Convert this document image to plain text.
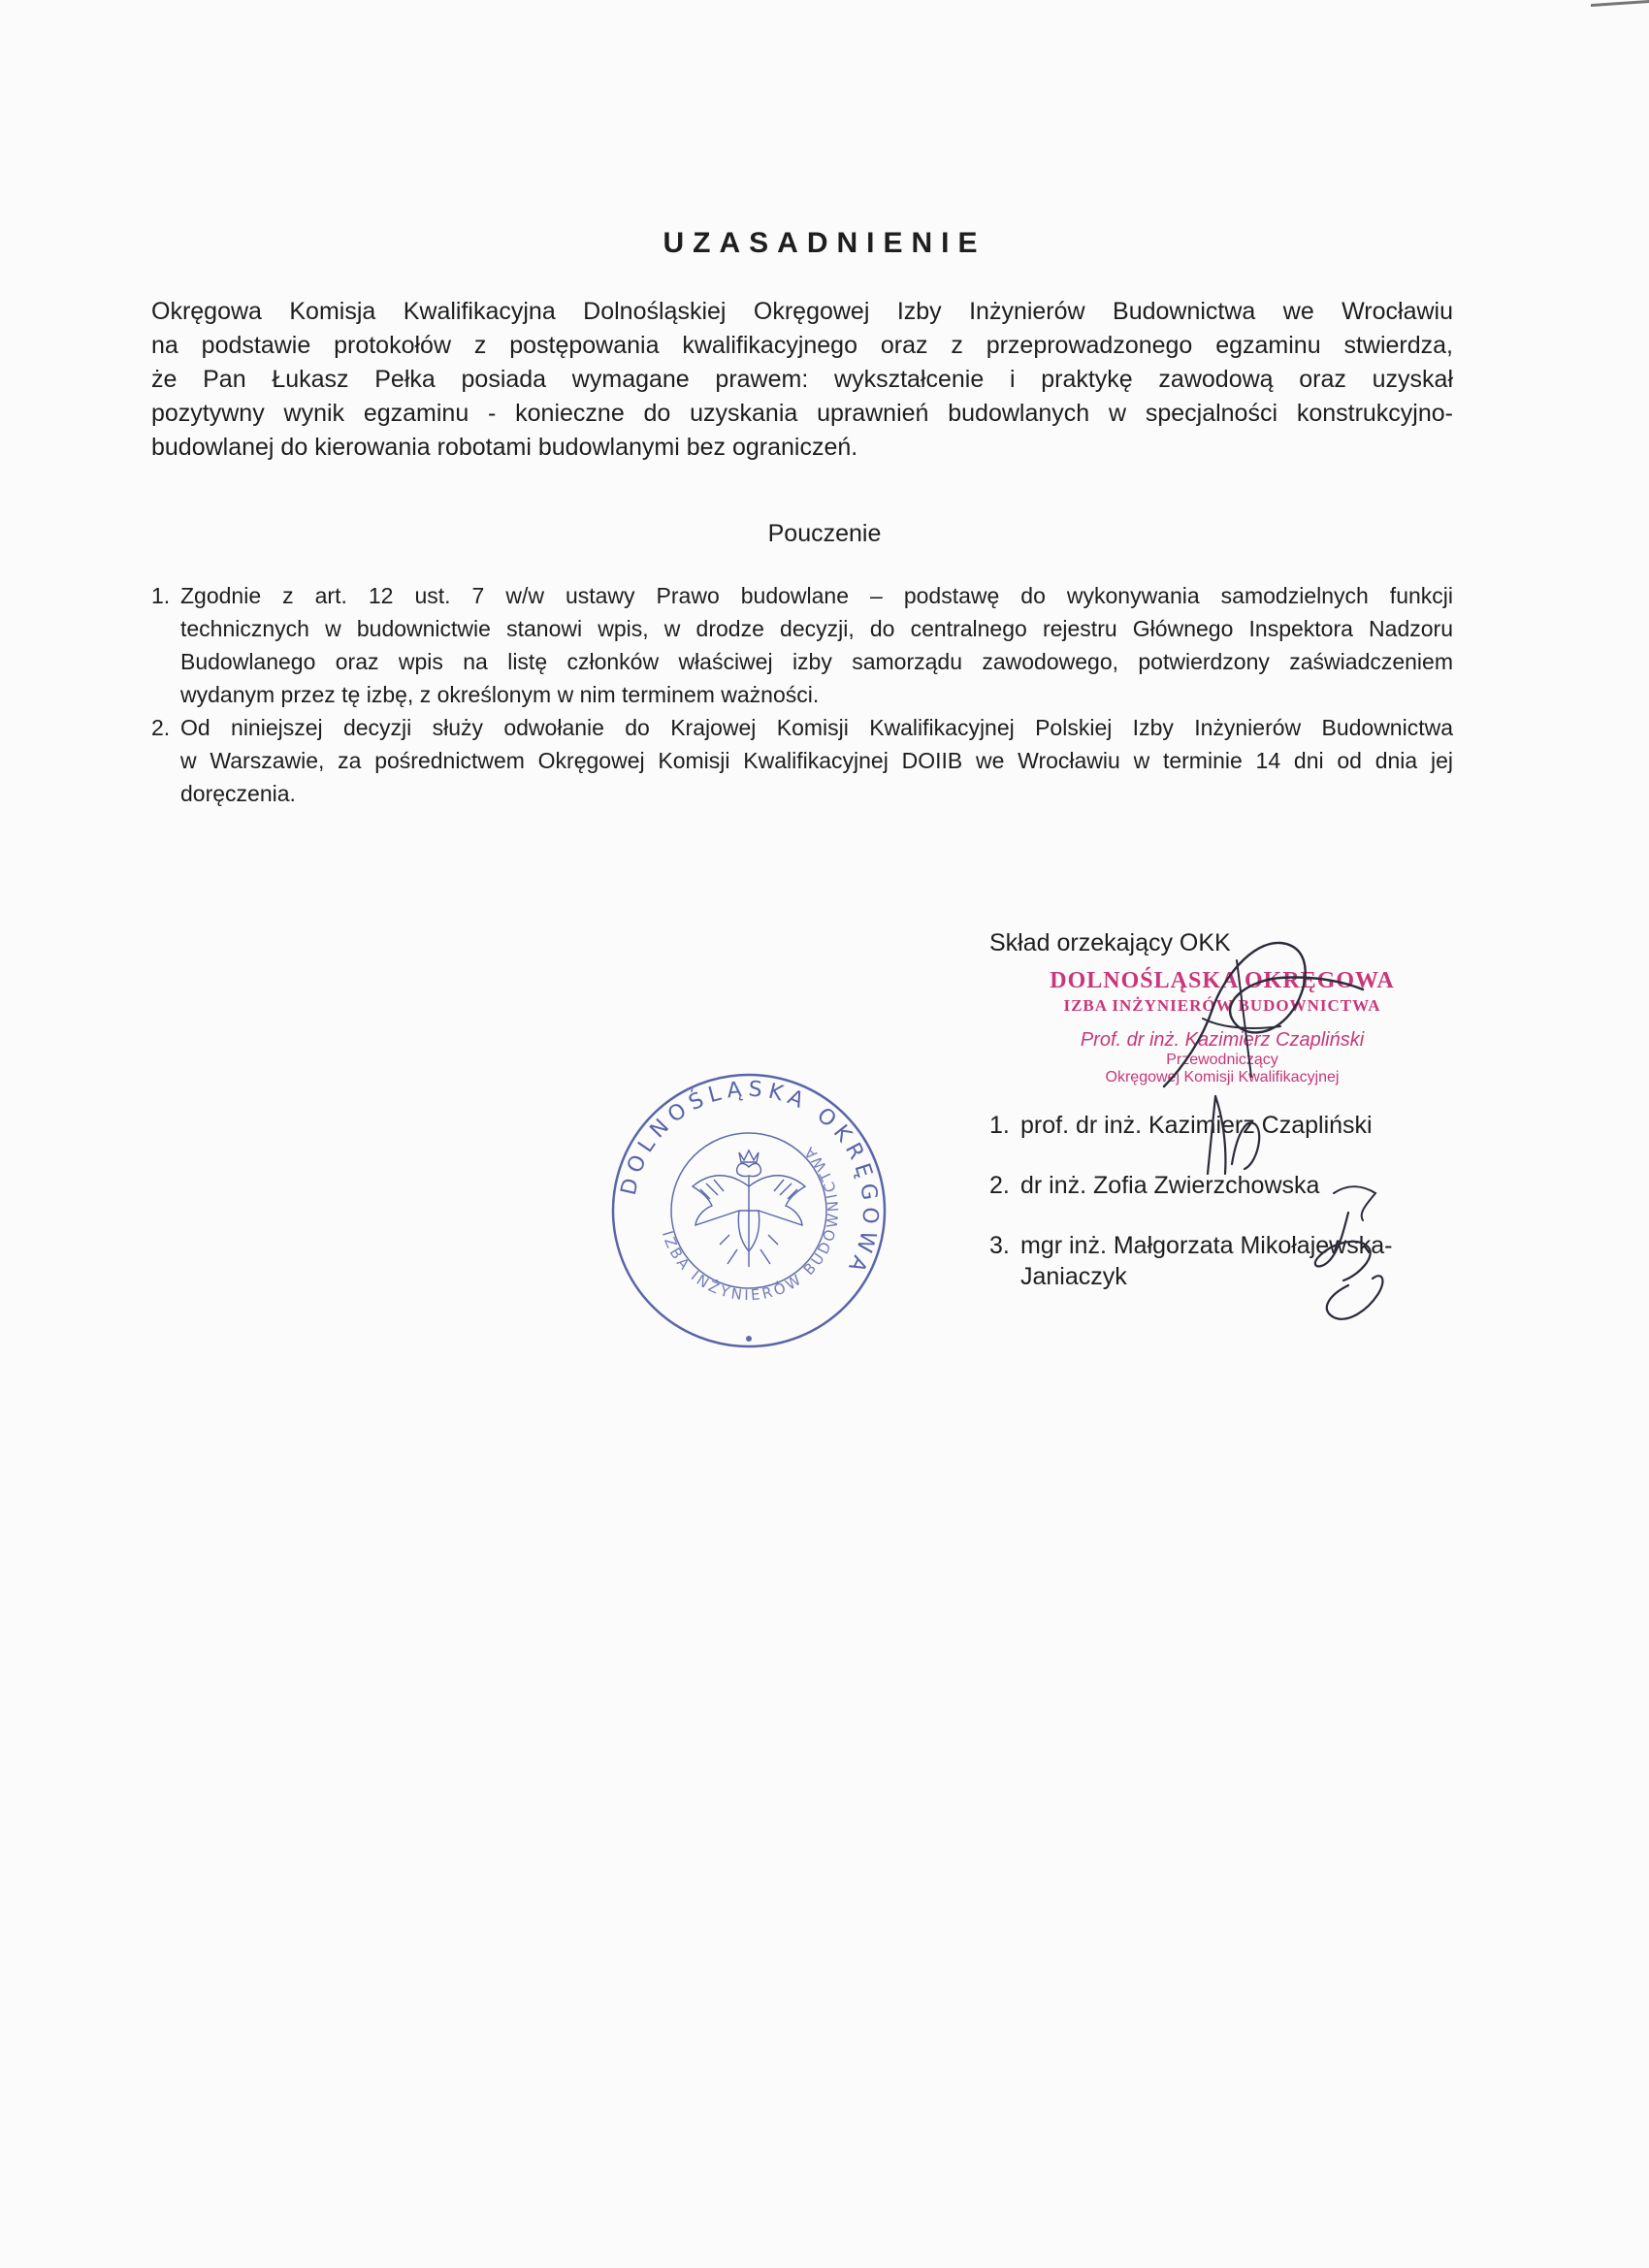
UZASADNIENIE
Okręgowa Komisja Kwalifikacyjna Dolnośląskiej Okręgowej Izby Inżynierów Budownictwa we Wrocławiu
na podstawie protokołów z postępowania kwalifikacyjnego oraz z przeprowadzonego egzaminu stwierdza,
że Pan Łukasz Pełka posiada wymagane prawem: wykształcenie i praktykę zawodową oraz uzyskał
pozytywny wynik egzaminu - konieczne do uzyskania uprawnień budowlanych w specjalności konstrukcyjno-
budowlanej do kierowania robotami budowlanymi bez ograniczeń.
Pouczenie
1. Zgodnie z art. 12 ust. 7 w/w ustawy Prawo budowlane – podstawę do wykonywania samodzielnych funkcji
technicznych w budownictwie stanowi wpis, w drodze decyzji, do centralnego rejestru Głównego Inspektora Nadzoru
Budowlanego oraz wpis na listę członków właściwej izby samorządu zawodowego, potwierdzony zaświadczeniem
wydanym przez tę izbę, z określonym w nim terminem ważności.
2. Od niniejszej decyzji służy odwołanie do Krajowej Komisji Kwalifikacyjnej Polskiej Izby Inżynierów Budownictwa
w Warszawie, za pośrednictwem Okręgowej Komisji Kwalifikacyjnej DOIIB we Wrocławiu w terminie 14 dni od dnia jej
doręczenia.
Skład orzekający OKK
DOLNOŚLĄSKA OKRĘGOWA
IZBA INŻYNIERÓW BUDOWNICTWA
Prof. dr inż. Kazimierz Czapliński
Przewodniczący
Okręgowej Komisji Kwalifikacyjnej
1. prof. dr inż. Kazimierz Czapliński
2. dr inż. Zofia Zwierzchowska
3. mgr inż. Małgorzata Mikołajewska-
Janiaczyk
DOLNOŚLĄSKA OKRĘGOWA
IZBA INŻYNIERÓW BUDOWNICTWA
